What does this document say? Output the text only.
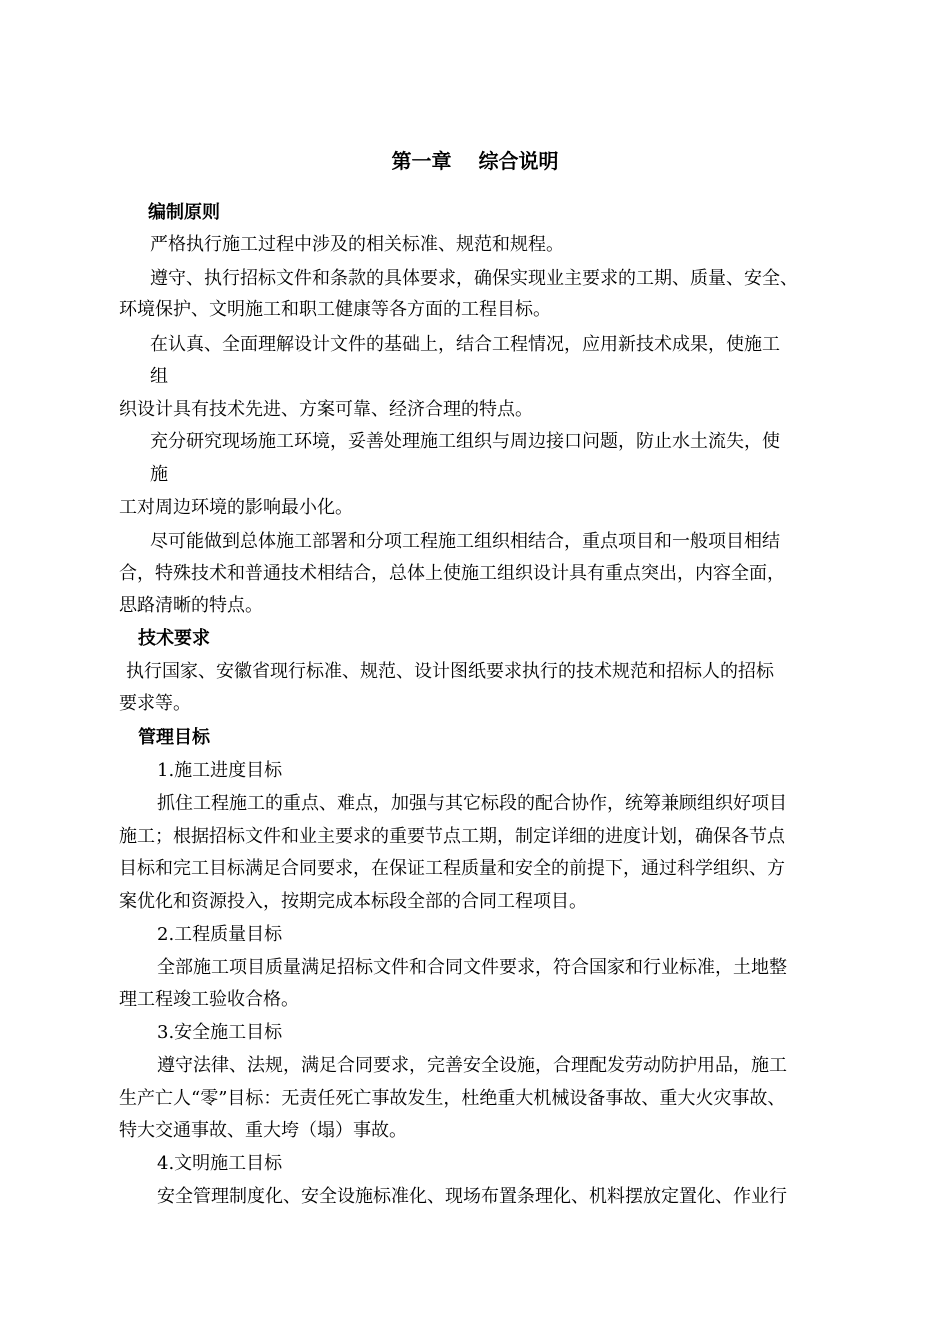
第一章　 综合说明
编制原则
严格执行施工过程中涉及的相关标准、规范和规程。
遵守、执行招标文件和条款的具体要求，确保实现业主要求的工期、质量、安全、
环境保护、文明施工和职工健康等各方面的工程目标。
在认真、全面理解设计文件的基础上，结合工程情况，应用新技术成果，使施工
组
织设计具有技术先进、方案可靠、经济合理的特点。
充分研究现场施工环境，妥善处理施工组织与周边接口问题，防止水土流失，使
施
工对周边环境的影响最小化。
尽可能做到总体施工部署和分项工程施工组织相结合，重点项目和一般项目相结
合，特殊技术和普通技术相结合，总体上使施工组织设计具有重点突出，内容全面，
思路清晰的特点。
技术要求
执行国家、安徽省现行标准、规范、设计图纸要求执行的技术规范和招标人的招标
要求等。
管理目标
1.施工进度目标
抓住工程施工的重点、难点，加强与其它标段的配合协作，统筹兼顾组织好项目
施工；根据招标文件和业主要求的重要节点工期，制定详细的进度计划，确保各节点
目标和完工目标满足合同要求，在保证工程质量和安全的前提下，通过科学组织、方
案优化和资源投入，按期完成本标段全部的合同工程项目。
2.工程质量目标
全部施工项目质量满足招标文件和合同文件要求，符合国家和行业标准，土地整
理工程竣工验收合格。
3.安全施工目标
遵守法律、法规，满足合同要求，完善安全设施，合理配发劳动防护用品，施工
生产亡人“零”目标：无责任死亡事故发生，杜绝重大机械设备事故、重大火灾事故、
特大交通事故、重大垮（塌）事故。
4.文明施工目标
安全管理制度化、安全设施标准化、现场布置条理化、机料摆放定置化、作业行
